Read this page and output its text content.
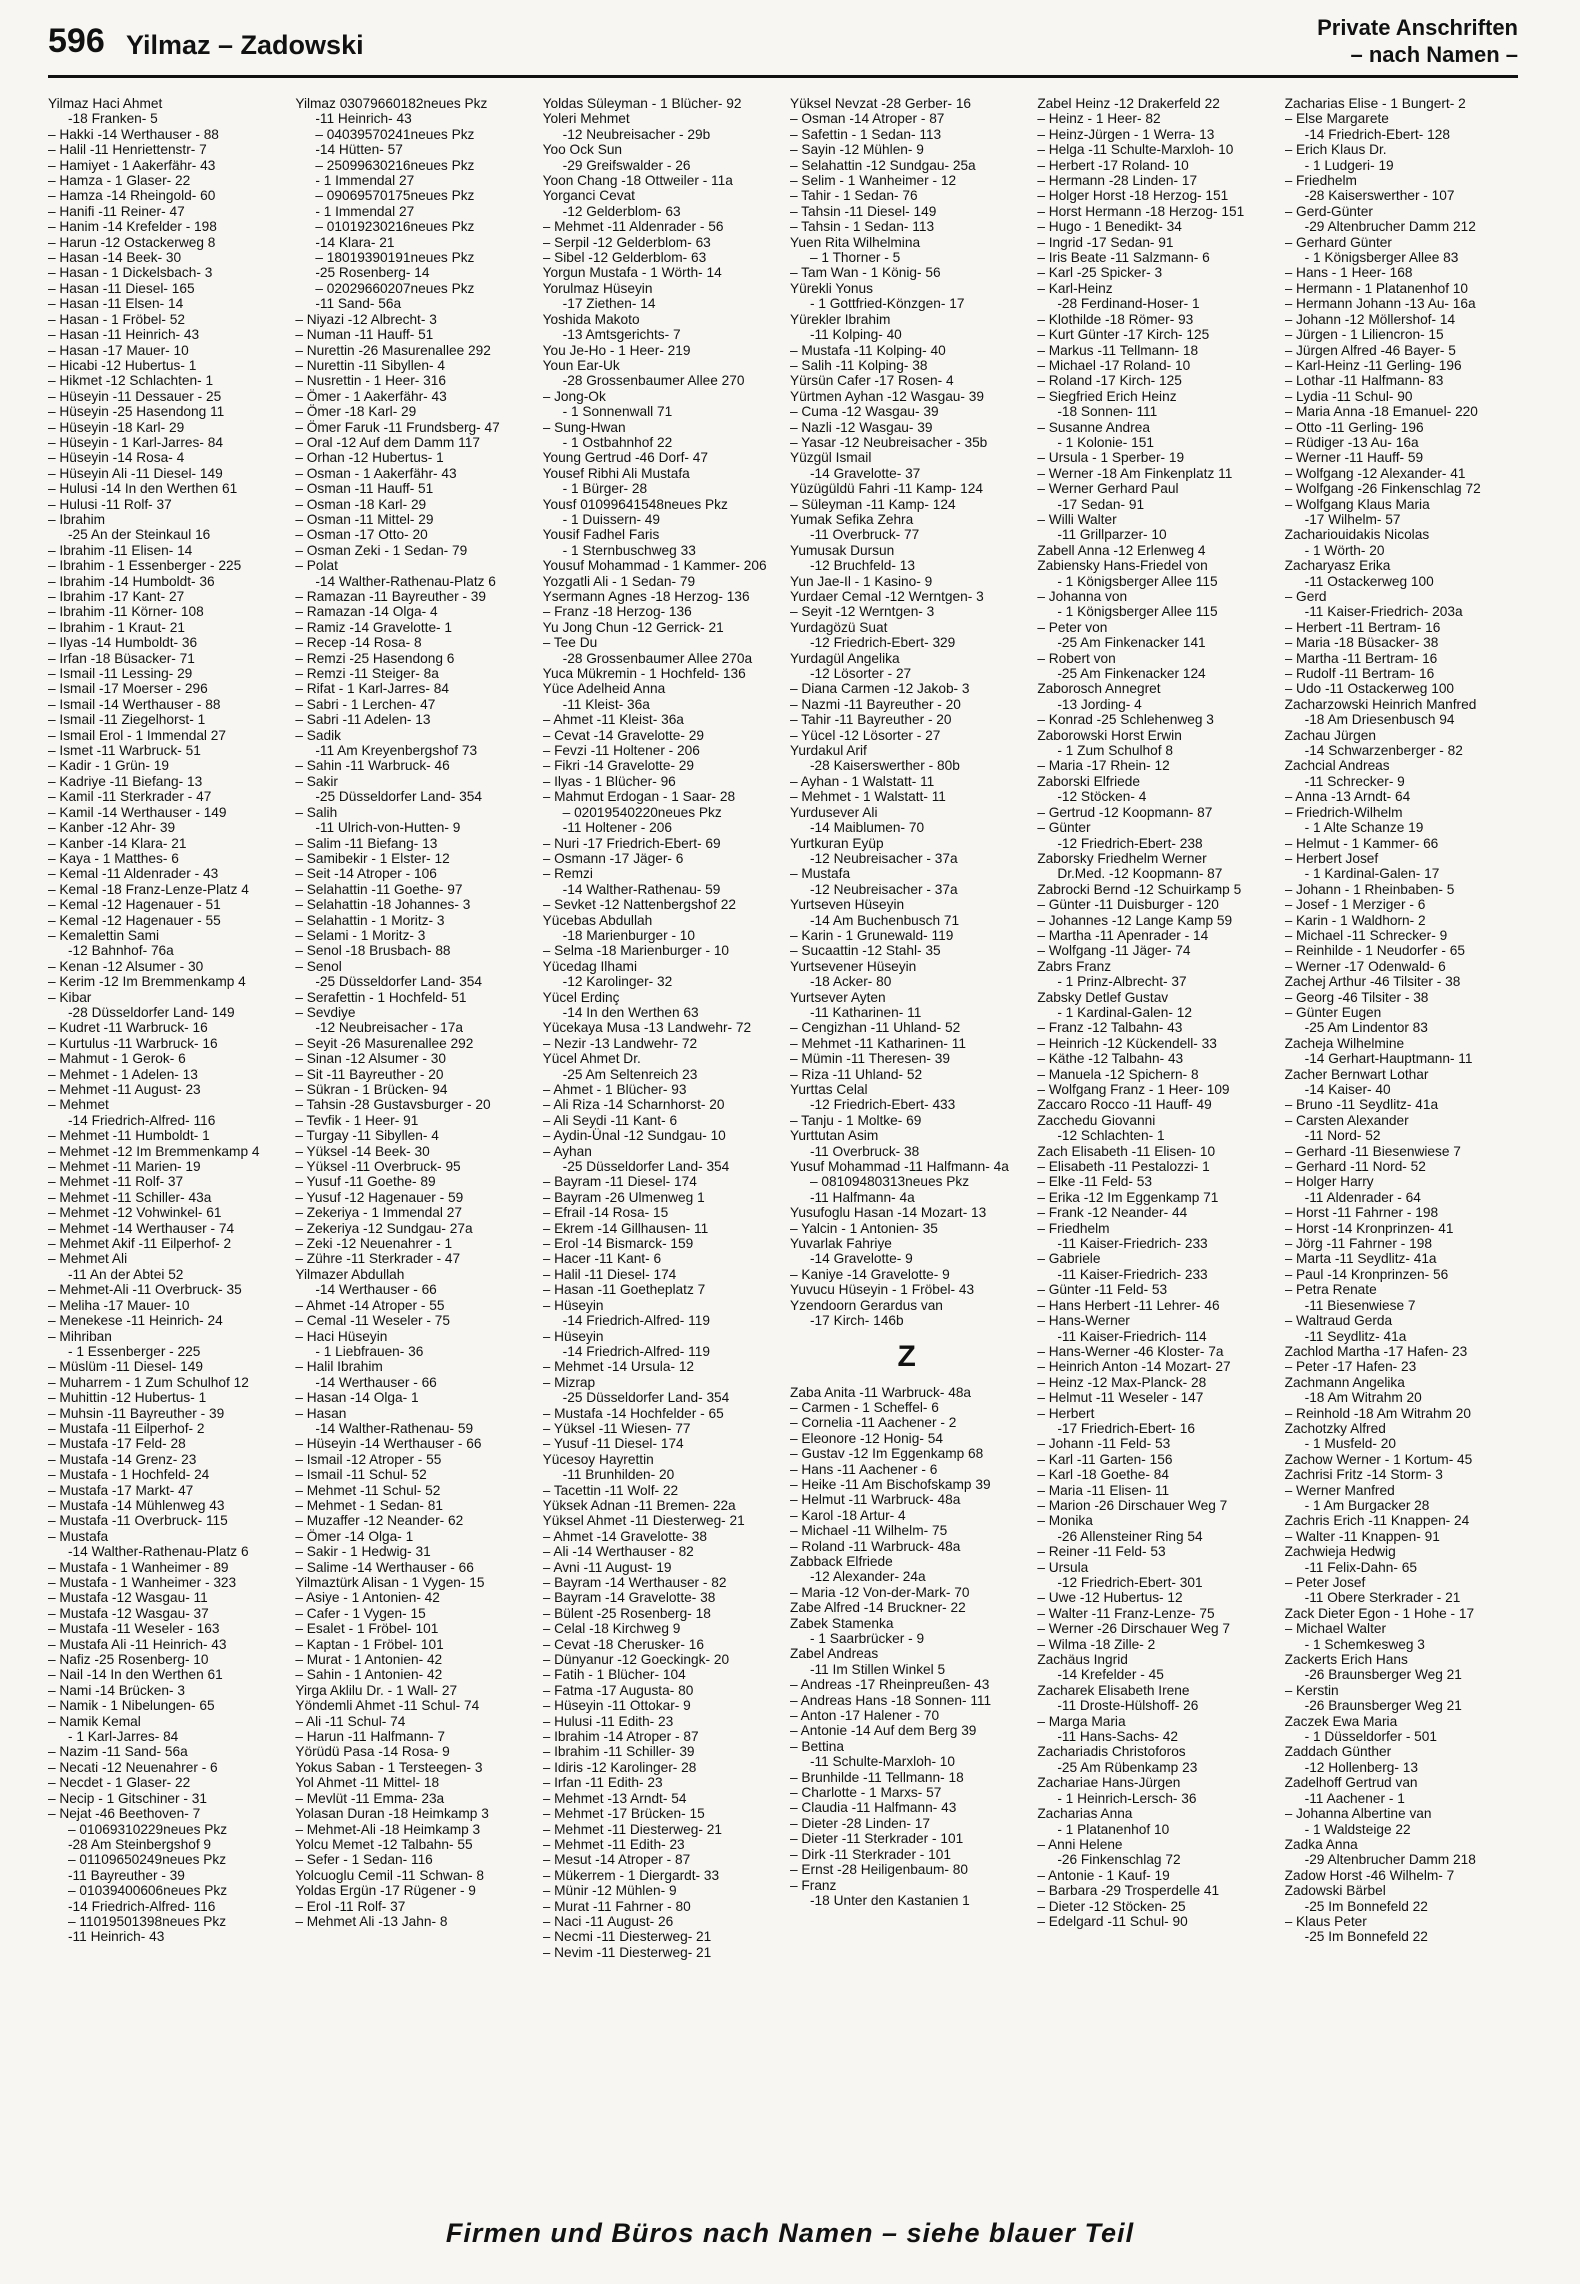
596 Yilmaz – Zadowski
Private Anschriften
– nach Namen –
Yilmaz Haci Ahmet
-18 Franken- 5
– Hakki -14 Werthauser - 88
– Halil -11 Henriettenstr- 7
– Hamiyet - 1 Aakerfähr- 43
– Hamza - 1 Glaser- 22
– Hamza -14 Rheingold- 60
– Hanifi -11 Reiner- 47
– Hanim -14 Krefelder - 198
– Harun -12 Ostackerweg 8
– Hasan -14 Beek- 30
– Hasan - 1 Dickelsbach- 3
– Hasan -11 Diesel- 165
– Hasan -11 Elsen- 14
– Hasan - 1 Fröbel- 52
– Hasan -11 Heinrich- 43
– Hasan -17 Mauer- 10
– Hicabi -12 Hubertus- 1
– Hikmet -12 Schlachten- 1
– Hüseyin -11 Dessauer - 25
– Hüseyin -25 Hasendong 11
– Hüseyin -18 Karl- 29
– Hüseyin - 1 Karl-Jarres- 84
– Hüseyin -14 Rosa- 4
– Hüseyin Ali -11 Diesel- 149
– Hulusi -14 In den Werthen 61
– Hulusi -11 Rolf- 37
– Ibrahim
-25 An der Steinkaul 16
– Ibrahim -11 Elisen- 14
– Ibrahim - 1 Essenberger - 225
– Ibrahim -14 Humboldt- 36
– Ibrahim -17 Kant- 27
– Ibrahim -11 Körner- 108
– Ibrahim - 1 Kraut- 21
– Ilyas -14 Humboldt- 36
– Irfan -18 Büsacker- 71
– Ismail -11 Lessing- 29
– Ismail -17 Moerser - 296
– Ismail -14 Werthauser - 88
– Ismail -11 Ziegelhorst- 1
– Ismail Erol - 1 Immendal 27
– Ismet -11 Warbruck- 51
– Kadir - 1 Grün- 19
– Kadriye -11 Biefang- 13
– Kamil -11 Sterkrader - 47
– Kamil -14 Werthauser - 149
– Kanber -12 Ahr- 39
– Kanber -14 Klara- 21
– Kaya - 1 Matthes- 6
– Kemal -11 Aldenrader - 43
– Kemal -18 Franz-Lenze-Platz 4
– Kemal -12 Hagenauer - 51
– Kemal -12 Hagenauer - 55
– Kemalettin Sami
-12 Bahnhof- 76a
– Kenan -12 Alsumer - 30
– Kerim -12 Im Bremmenkamp 4
– Kibar
-28 Düsseldorfer Land- 149
– Kudret -11 Warbruck- 16
– Kurtulus -11 Warbruck- 16
– Mahmut - 1 Gerok- 6
– Mehmet - 1 Adelen- 13
– Mehmet -11 August- 23
– Mehmet
-14 Friedrich-Alfred- 116
– Mehmet -11 Humboldt- 1
– Mehmet -12 Im Bremmenkamp 4
– Mehmet -11 Marien- 19
– Mehmet -11 Rolf- 37
– Mehmet -11 Schiller- 43a
– Mehmet -12 Vohwinkel- 61
– Mehmet -14 Werthauser - 74
– Mehmet Akif -11 Eilperhof- 2
– Mehmet Ali
-11 An der Abtei 52
– Mehmet-Ali -11 Overbruck- 35
– Meliha -17 Mauer- 10
– Menekese -11 Heinrich- 24
– Mihriban
- 1 Essenberger - 225
– Müslüm -11 Diesel- 149
– Muharrem - 1 Zum Schulhof 12
– Muhittin -12 Hubertus- 1
– Muhsin -11 Bayreuther - 39
– Mustafa -11 Eilperhof- 2
– Mustafa -17 Feld- 28
– Mustafa -14 Grenz- 23
– Mustafa - 1 Hochfeld- 24
– Mustafa -17 Markt- 47
– Mustafa -14 Mühlenweg 43
– Mustafa -11 Overbruck- 115
– Mustafa
-14 Walther-Rathenau-Platz 6
– Mustafa - 1 Wanheimer - 89
– Mustafa - 1 Wanheimer - 323
– Mustafa -12 Wasgau- 11
– Mustafa -12 Wasgau- 37
– Mustafa -11 Weseler - 163
– Mustafa Ali -11 Heinrich- 43
– Nafiz -25 Rosenberg- 10
– Nail -14 In den Werthen 61
– Nami -14 Brücken- 3
– Namik - 1 Nibelungen- 65
– Namik Kemal
- 1 Karl-Jarres- 84
– Nazim -11 Sand- 56a
– Necati -12 Neuenahrer - 6
– Necdet - 1 Glaser- 22
– Necip - 1 Gitschiner - 31
– Nejat -46 Beethoven- 7
– 01069310229neues Pkz
-28 Am Steinbergshof 9
– 01109650249neues Pkz
-11 Bayreuther - 39
– 01039400606neues Pkz
-14 Friedrich-Alfred- 116
– 11019501398neues Pkz
-11 Heinrich- 43
Yilmaz 03079660182neues Pkz
-11 Heinrich- 43
– 04039570241neues Pkz
-14 Hütten- 57
– 25099630216neues Pkz
- 1 Immendal 27
– 09069570175neues Pkz
- 1 Immendal 27
– 01019230216neues Pkz
-14 Klara- 21
– 18019390191neues Pkz
-25 Rosenberg- 14
– 02029660207neues Pkz
-11 Sand- 56a
– Niyazi -12 Albrecht- 3
– Numan -11 Hauff- 51
– Nurettin -26 Masurenallee 292
– Nurettin -11 Sibyllen- 4
– Nusrettin - 1 Heer- 316
– Ömer - 1 Aakerfähr- 43
– Ömer -18 Karl- 29
– Ömer Faruk -11 Frundsberg- 47
– Oral -12 Auf dem Damm 117
– Orhan -12 Hubertus- 1
– Osman - 1 Aakerfähr- 43
– Osman -11 Hauff- 51
– Osman -18 Karl- 29
– Osman -11 Mittel- 29
– Osman -17 Otto- 20
– Osman Zeki - 1 Sedan- 79
– Polat
-14 Walther-Rathenau-Platz 6
– Ramazan -11 Bayreuther - 39
– Ramazan -14 Olga- 4
– Ramiz -14 Gravelotte- 1
– Recep -14 Rosa- 8
– Remzi -25 Hasendong 6
– Remzi -11 Steiger- 8a
– Rifat - 1 Karl-Jarres- 84
– Sabri - 1 Lerchen- 47
– Sabri -11 Adelen- 13
– Sadik
-11 Am Kreyenbergshof 73
– Sahin -11 Warbruck- 46
– Sakir
-25 Düsseldorfer Land- 354
– Salih
-11 Ulrich-von-Hutten- 9
– Salim -11 Biefang- 13
– Samibekir - 1 Elster- 12
– Seit -14 Atroper - 106
– Selahattin -11 Goethe- 97
– Selahattin -18 Johannes- 3
– Selahattin - 1 Moritz- 3
– Selami - 1 Moritz- 3
– Senol -18 Brusbach- 88
– Senol
-25 Düsseldorfer Land- 354
– Serafettin - 1 Hochfeld- 51
– Sevdiye
-12 Neubreisacher - 17a
– Seyit -26 Masurenallee 292
– Sinan -12 Alsumer - 30
– Sit -11 Bayreuther - 20
– Sükran - 1 Brücken- 94
– Tahsin -28 Gustavsburger - 20
– Tevfik - 1 Heer- 91
– Turgay -11 Sibyllen- 4
– Yüksel -14 Beek- 30
– Yüksel -11 Overbruck- 95
– Yusuf -11 Goethe- 89
– Yusuf -12 Hagenauer - 59
– Zekeriya - 1 Immendal 27
– Zekeriya -12 Sundgau- 27a
– Zeki -12 Neuenahrer - 1
– Zühre -11 Sterkrader - 47
Yilmazer Abdullah
-14 Werthauser - 66
– Ahmet -14 Atroper - 55
– Cemal -11 Weseler - 75
– Haci Hüseyin
- 1 Liebfrauen- 36
– Halil Ibrahim
-14 Werthauser - 66
– Hasan -14 Olga- 1
– Hasan
-14 Walther-Rathenau- 59
– Hüseyin -14 Werthauser - 66
– Ismail -12 Atroper - 55
– Ismail -11 Schul- 52
– Mehmet -11 Schul- 52
– Mehmet - 1 Sedan- 81
– Muzaffer -12 Neander- 62
– Ömer -14 Olga- 1
– Sakir - 1 Hedwig- 31
– Salime -14 Werthauser - 66
Yilmaztürk Alisan - 1 Vygen- 15
– Asiye - 1 Antonien- 42
– Cafer - 1 Vygen- 15
– Esalet - 1 Fröbel- 101
– Kaptan - 1 Fröbel- 101
– Murat - 1 Antonien- 42
– Sahin - 1 Antonien- 42
Yirga Aklilu Dr. - 1 Wall- 27
Yöndemli Ahmet -11 Schul- 74
– Ali -11 Schul- 74
– Harun -11 Halfmann- 7
Yörüdü Pasa -14 Rosa- 9
Yokus Saban - 1 Tersteegen- 3
Yol Ahmet -11 Mittel- 18
– Mevlüt -11 Emma- 23a
Yolasan Duran -18 Heimkamp 3
– Mehmet-Ali -18 Heimkamp 3
Yolcu Memet -12 Talbahn- 55
– Sefer - 1 Sedan- 116
Yolcuoglu Cemil -11 Schwan- 8
Yoldas Ergün -17 Rügener - 9
– Erol -11 Rolf- 37
– Mehmet Ali -13 Jahn- 8
Yoldas Süleyman - 1 Blücher- 92
Yoleri Mehmet
-12 Neubreisacher - 29b
Yoo Ock Sun
-29 Greifswalder - 26
Yoon Chang -18 Ottweiler - 11a
Yorganci Cevat
-12 Gelderblom- 63
– Mehmet -11 Aldenrader - 56
– Serpil -12 Gelderblom- 63
– Sibel -12 Gelderblom- 63
Yorgun Mustafa - 1 Wörth- 14
Yorulmaz Hüseyin
-17 Ziethen- 14
Yoshida Makoto
-13 Amtsgerichts- 7
You Je-Ho - 1 Heer- 219
Youn Ear-Uk
-28 Grossenbaumer Allee 270
– Jong-Ok
- 1 Sonnenwall 71
– Sung-Hwan
- 1 Ostbahnhof 22
Young Gertrud -46 Dorf- 47
Yousef Ribhi Ali Mustafa
- 1 Bürger- 28
Yousf 01099641548neues Pkz
- 1 Duissern- 49
Yousif Fadhel Faris
- 1 Sternbuschweg 33
Yousuf Mohammad - 1 Kammer- 206
Yozgatli Ali - 1 Sedan- 79
Ysermann Agnes -18 Herzog- 136
– Franz -18 Herzog- 136
Yu Jong Chun -12 Gerrick- 21
– Tee Du
-28 Grossenbaumer Allee 270a
Yuca Mükremin - 1 Hochfeld- 136
Yüce Adelheid Anna
-11 Kleist- 36a
– Ahmet -11 Kleist- 36a
– Cevat -14 Gravelotte- 29
– Fevzi -11 Holtener - 206
– Fikri -14 Gravelotte- 29
– Ilyas - 1 Blücher- 96
– Mahmut Erdogan - 1 Saar- 28
– 02019540220neues Pkz
-11 Holtener - 206
– Nuri -17 Friedrich-Ebert- 69
– Osmann -17 Jäger- 6
– Remzi
-14 Walther-Rathenau- 59
– Sevket -12 Nattenbergshof 22
Yücebas Abdullah
-18 Marienburger - 10
– Selma -18 Marienburger - 10
Yücedag Ilhami
-12 Karolinger- 32
Yücel Erdinç
-14 In den Werthen 63
Yücekaya Musa -13 Landwehr- 72
– Nezir -13 Landwehr- 72
Yücel Ahmet Dr.
-25 Am Seltenreich 23
– Ahmet - 1 Blücher- 93
– Ali Riza -14 Scharnhorst- 20
– Ali Seydi -11 Kant- 6
– Aydin-Ünal -12 Sundgau- 10
– Ayhan
-25 Düsseldorfer Land- 354
– Bayram -11 Diesel- 174
– Bayram -26 Ulmenweg 1
– Efrail -14 Rosa- 15
– Ekrem -14 Gillhausen- 11
– Erol -14 Bismarck- 159
– Hacer -11 Kant- 6
– Halil -11 Diesel- 174
– Hasan -11 Goetheplatz 7
– Hüseyin
-14 Friedrich-Alfred- 119
– Hüseyin
-14 Friedrich-Alfred- 119
– Mehmet -14 Ursula- 12
– Mizrap
-25 Düsseldorfer Land- 354
– Mustafa -14 Hochfelder - 65
– Yüksel -11 Wiesen- 77
– Yusuf -11 Diesel- 174
Yücesoy Hayrettin
-11 Brunhilden- 20
– Tacettin -11 Wolf- 22
Yüksek Adnan -11 Bremen- 22a
Yüksel Ahmet -11 Diesterweg- 21
– Ahmet -14 Gravelotte- 38
– Ali -14 Werthauser - 82
– Avni -11 August- 19
– Bayram -14 Werthauser - 82
– Bayram -14 Gravelotte- 38
– Bülent -25 Rosenberg- 18
– Celal -18 Kirchweg 9
– Cevat -18 Cherusker- 16
– Dünyanur -12 Goeckingk- 20
– Fatih - 1 Blücher- 104
– Fatma -17 Augusta- 80
– Hüseyin -11 Ottokar- 9
– Hulusi -11 Edith- 23
– Ibrahim -14 Atroper - 87
– Ibrahim -11 Schiller- 39
– Idiris -12 Karolinger- 28
– Irfan -11 Edith- 23
– Mehmet -13 Arndt- 54
– Mehmet -17 Brücken- 15
– Mehmet -11 Diesterweg- 21
– Mehmet -11 Edith- 23
– Mesut -14 Atroper - 87
– Mükerrem - 1 Diergardt- 33
– Münir -12 Mühlen- 9
– Murat -11 Fahrner - 80
– Naci -11 August- 26
– Necmi -11 Diesterweg- 21
– Nevim -11 Diesterweg- 21
Yüksel Nevzat -28 Gerber- 16
– Osman -14 Atroper - 87
– Safettin - 1 Sedan- 113
– Sayin -12 Mühlen- 9
– Selahattin -12 Sundgau- 25a
– Selim - 1 Wanheimer - 12
– Tahir - 1 Sedan- 76
– Tahsin -11 Diesel- 149
– Tahsin - 1 Sedan- 113
Yuen Rita Wilhelmina
– 1 Thorner - 5
– Tam Wan - 1 König- 56
Yürekli Yonus
- 1 Gottfried-Könzgen- 17
Yürekler Ibrahim
-11 Kolping- 40
– Mustafa -11 Kolping- 40
– Salih -11 Kolping- 38
Yürsün Cafer -17 Rosen- 4
Yürtmen Ayhan -12 Wasgau- 39
– Cuma -12 Wasgau- 39
– Nazli -12 Wasgau- 39
– Yasar -12 Neubreisacher - 35b
Yüzgül Ismail
-14 Gravelotte- 37
Yüzügüldü Fahri -11 Kamp- 124
– Süleyman -11 Kamp- 124
Yumak Sefika Zehra
-11 Overbruck- 77
Yumusak Dursun
-12 Bruchfeld- 13
Yun Jae-Il - 1 Kasino- 9
Yurdaer Cemal -12 Werntgen- 3
– Seyit -12 Werntgen- 3
Yurdagözü Suat
-12 Friedrich-Ebert- 329
Yurdagül Angelika
-12 Lösorter - 27
– Diana Carmen -12 Jakob- 3
– Nazmi -11 Bayreuther - 20
– Tahir -11 Bayreuther - 20
– Yücel -12 Lösorter - 27
Yurdakul Arif
-28 Kaiserswerther - 80b
– Ayhan - 1 Walstatt- 11
– Mehmet - 1 Walstatt- 11
Yurdusever Ali
-14 Maiblumen- 70
Yurtkuran Eyüp
-12 Neubreisacher - 37a
– Mustafa
-12 Neubreisacher - 37a
Yurtseven Hüseyin
-14 Am Buchenbusch 71
– Karin - 1 Grunewald- 119
– Sucaattin -12 Stahl- 35
Yurtsevener Hüseyin
-18 Acker- 80
Yurtsever Ayten
-11 Katharinen- 11
– Cengizhan -11 Uhland- 52
– Mehmet -11 Katharinen- 11
– Mümin -11 Theresen- 39
– Riza -11 Uhland- 52
Yurttas Celal
-12 Friedrich-Ebert- 433
– Tanju - 1 Moltke- 69
Yurttutan Asim
-11 Overbruck- 38
Yusuf Mohammad -11 Halfmann- 4a
– 08109480313neues Pkz
-11 Halfmann- 4a
Yusufoglu Hasan -14 Mozart- 13
– Yalcin - 1 Antonien- 35
Yuvarlak Fahriye
-14 Gravelotte- 9
– Kaniye -14 Gravelotte- 9
Yuvucu Hüseyin - 1 Fröbel- 43
Yzendoorn Gerardus van
-17 Kirch- 146b
Z
Zaba Anita -11 Warbruck- 48a
– Carmen - 1 Scheffel- 6
– Cornelia -11 Aachener - 2
– Eleonore -12 Honig- 54
– Gustav -12 Im Eggenkamp 68
– Hans -11 Aachener - 6
– Heike -11 Am Bischofskamp 39
– Helmut -11 Warbruck- 48a
– Karol -18 Artur- 4
– Michael -11 Wilhelm- 75
– Roland -11 Warbruck- 48a
Zabback Elfriede
-12 Alexander- 24a
– Maria -12 Von-der-Mark- 70
Zabe Alfred -14 Bruckner- 22
Zabek Stamenka
- 1 Saarbrücker - 9
Zabel Andreas
-11 Im Stillen Winkel 5
– Andreas -17 Rheinpreußen- 43
– Andreas Hans -18 Sonnen- 111
– Anton -17 Halener - 70
– Antonie -14 Auf dem Berg 39
– Bettina
-11 Schulte-Marxloh- 10
– Brunhilde -11 Tellmann- 18
– Charlotte - 1 Marxs- 57
– Claudia -11 Halfmann- 43
– Dieter -28 Linden- 17
– Dieter -11 Sterkrader - 101
– Dirk -11 Sterkrader - 101
– Ernst -28 Heiligenbaum- 80
– Franz
-18 Unter den Kastanien 1
Zabel Heinz -12 Drakerfeld 22
– Heinz - 1 Heer- 82
– Heinz-Jürgen - 1 Werra- 13
– Helga -11 Schulte-Marxloh- 10
– Herbert -17 Roland- 10
– Hermann -28 Linden- 17
– Holger Horst -18 Herzog- 151
– Horst Hermann -18 Herzog- 151
– Hugo - 1 Benedikt- 34
– Ingrid -17 Sedan- 91
– Iris Beate -11 Salzmann- 6
– Karl -25 Spicker- 3
– Karl-Heinz
-28 Ferdinand-Hoser- 1
– Klothilde -18 Römer- 93
– Kurt Günter -17 Kirch- 125
– Markus -11 Tellmann- 18
– Michael -17 Roland- 10
– Roland -17 Kirch- 125
– Siegfried Erich Heinz
-18 Sonnen- 111
– Susanne Andrea
- 1 Kolonie- 151
– Ursula - 1 Sperber- 19
– Werner -18 Am Finkenplatz 11
– Werner Gerhard Paul
-17 Sedan- 91
– Willi Walter
-11 Grillparzer- 10
Zabell Anna -12 Erlenweg 4
Zabiensky Hans-Friedel von
- 1 Königsberger Allee 115
– Johanna von
- 1 Königsberger Allee 115
– Peter von
-25 Am Finkenacker 141
– Robert von
-25 Am Finkenacker 124
Zaborosch Annegret
-13 Jording- 4
– Konrad -25 Schlehenweg 3
Zaborowski Horst Erwin
- 1 Zum Schulhof 8
– Maria -17 Rhein- 12
Zaborski Elfriede
-12 Stöcken- 4
– Gertrud -12 Koopmann- 87
– Günter
-12 Friedrich-Ebert- 238
Zaborsky Friedhelm Werner
Dr.Med. -12 Koopmann- 87
Zabrocki Bernd -12 Schuirkamp 5
– Günter -11 Duisburger - 120
– Johannes -12 Lange Kamp 59
– Martha -11 Apenrader - 14
– Wolfgang -11 Jäger- 74
Zabrs Franz
- 1 Prinz-Albrecht- 37
Zabsky Detlef Gustav
- 1 Kardinal-Galen- 12
– Franz -12 Talbahn- 43
– Heinrich -12 Kückendell- 33
– Käthe -12 Talbahn- 43
– Manuela -12 Spichern- 8
– Wolfgang Franz - 1 Heer- 109
Zaccaro Rocco -11 Hauff- 49
Zacchedu Giovanni
-12 Schlachten- 1
Zach Elisabeth -11 Elisen- 10
– Elisabeth -11 Pestalozzi- 1
– Elke -11 Feld- 53
– Erika -12 Im Eggenkamp 71
– Frank -12 Neander- 44
– Friedhelm
-11 Kaiser-Friedrich- 233
– Gabriele
-11 Kaiser-Friedrich- 233
– Günter -11 Feld- 53
– Hans Herbert -11 Lehrer- 46
– Hans-Werner
-11 Kaiser-Friedrich- 114
– Hans-Werner -46 Kloster- 7a
– Heinrich Anton -14 Mozart- 27
– Heinz -12 Max-Planck- 28
– Helmut -11 Weseler - 147
– Herbert
-17 Friedrich-Ebert- 16
– Johann -11 Feld- 53
– Karl -11 Garten- 156
– Karl -18 Goethe- 84
– Maria -11 Elisen- 11
– Marion -26 Dirschauer Weg 7
– Monika
-26 Allensteiner Ring 54
– Reiner -11 Feld- 53
– Ursula
-12 Friedrich-Ebert- 301
– Uwe -12 Hubertus- 12
– Walter -11 Franz-Lenze- 75
– Werner -26 Dirschauer Weg 7
– Wilma -18 Zille- 2
Zachäus Ingrid
-14 Krefelder - 45
Zacharek Elisabeth Irene
-11 Droste-Hülshoff- 26
– Marga Maria
-11 Hans-Sachs- 42
Zachariadis Christoforos
-25 Am Rübenkamp 23
Zachariae Hans-Jürgen
- 1 Heinrich-Lersch- 36
Zacharias Anna
- 1 Platanenhof 10
– Anni Helene
-26 Finkenschlag 72
– Antonie - 1 Kauf- 19
– Barbara -29 Trosperdelle 41
– Dieter -12 Stöcken- 25
– Edelgard -11 Schul- 90
Zacharias Elise - 1 Bungert- 2
– Else Margarete
-14 Friedrich-Ebert- 128
– Erich Klaus Dr.
- 1 Ludgeri- 19
– Friedhelm
-28 Kaiserswerther - 107
– Gerd-Günter
-29 Altenbrucher Damm 212
– Gerhard Günter
- 1 Königsberger Allee 83
– Hans - 1 Heer- 168
– Hermann - 1 Platanenhof 10
– Hermann Johann -13 Au- 16a
– Johann -12 Möllershof- 14
– Jürgen - 1 Liliencron- 15
– Jürgen Alfred -46 Bayer- 5
– Karl-Heinz -11 Gerling- 196
– Lothar -11 Halfmann- 83
– Lydia -11 Schul- 90
– Maria Anna -18 Emanuel- 220
– Otto -11 Gerling- 196
– Rüdiger -13 Au- 16a
– Werner -11 Hauff- 59
– Wolfgang -12 Alexander- 41
– Wolfgang -26 Finkenschlag 72
– Wolfgang Klaus Maria
-17 Wilhelm- 57
Zachariouidakis Nicolas
- 1 Wörth- 20
Zacharyasz Erika
-11 Ostackerweg 100
– Gerd
-11 Kaiser-Friedrich- 203a
– Herbert -11 Bertram- 16
– Maria -18 Büsacker- 38
– Martha -11 Bertram- 16
– Rudolf -11 Bertram- 16
– Udo -11 Ostackerweg 100
Zacharzowski Heinrich Manfred
-18 Am Driesenbusch 94
Zachau Jürgen
-14 Schwarzenberger - 82
Zachcial Andreas
-11 Schrecker- 9
– Anna -13 Arndt- 64
– Friedrich-Wilhelm
- 1 Alte Schanze 19
– Helmut - 1 Kammer- 66
– Herbert Josef
- 1 Kardinal-Galen- 17
– Johann - 1 Rheinbaben- 5
– Josef - 1 Merziger - 6
– Karin - 1 Waldhorn- 2
– Michael -11 Schrecker- 9
– Reinhilde - 1 Neudorfer - 65
– Werner -17 Odenwald- 6
Zachej Arthur -46 Tilsiter - 38
– Georg -46 Tilsiter - 38
– Günter Eugen
-25 Am Lindentor 83
Zacheja Wilhelmine
-14 Gerhart-Hauptmann- 11
Zacher Bernwart Lothar
-14 Kaiser- 40
– Bruno -11 Seydlitz- 41a
– Carsten Alexander
-11 Nord- 52
– Gerhard -11 Biesenwiese 7
– Gerhard -11 Nord- 52
– Holger Harry
-11 Aldenrader - 64
– Horst -11 Fahrner - 198
– Horst -14 Kronprinzen- 41
– Jörg -11 Fahrner - 198
– Marta -11 Seydlitz- 41a
– Paul -14 Kronprinzen- 56
– Petra Renate
-11 Biesenwiese 7
– Waltraud Gerda
-11 Seydlitz- 41a
Zachlod Martha -17 Hafen- 23
– Peter -17 Hafen- 23
Zachmann Angelika
-18 Am Witrahm 20
– Reinhold -18 Am Witrahm 20
Zachotzky Alfred
- 1 Musfeld- 20
Zachow Werner - 1 Kortum- 45
Zachrisi Fritz -14 Storm- 3
– Werner Manfred
- 1 Am Burgacker 28
Zachris Erich -11 Knappen- 24
– Walter -11 Knappen- 91
Zachwieja Hedwig
-11 Felix-Dahn- 65
– Peter Josef
-11 Obere Sterkrader - 21
Zack Dieter Egon - 1 Hohe - 17
– Michael Walter
- 1 Schemkesweg 3
Zackerts Erich Hans
-26 Braunsberger Weg 21
– Kerstin
-26 Braunsberger Weg 21
Zaczek Ewa Maria
- 1 Düsseldorfer - 501
Zaddach Günther
-12 Hollenberg- 13
Zadelhoff Gertrud van
-11 Aachener - 1
– Johanna Albertine van
- 1 Waldsteige 22
Zadka Anna
-29 Altenbrucher Damm 218
Zadow Horst -46 Wilhelm- 7
Zadowski Bärbel
-25 Im Bonnefeld 22
– Klaus Peter
-25 Im Bonnefeld 22
Firmen und Büros nach Namen – siehe blauer Teil
